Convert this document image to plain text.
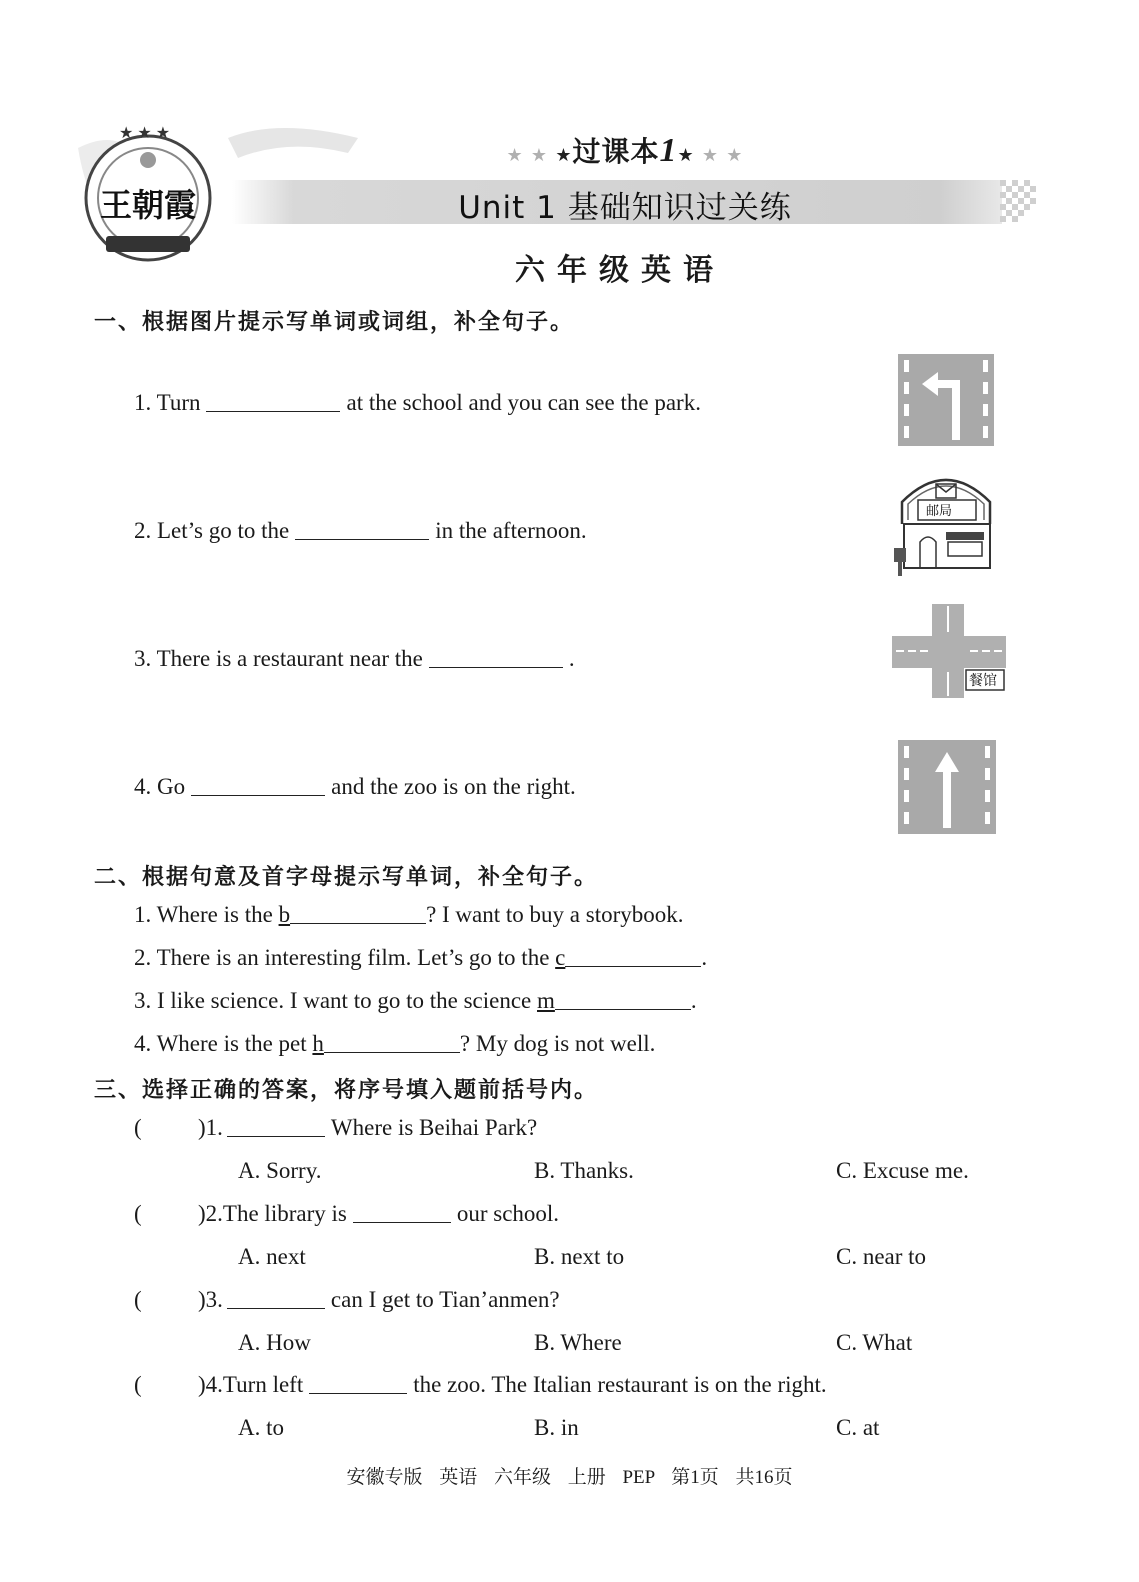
★ ★ ★
王朝霞
★ ★ ★过课本1★ ★ ★
Unit 1 基础知识过关练
六年级英语
一、根据图片提示写单词或词组，补全句子。
1. Turn	at the school and you can see the park.
2. Let’s go to the	in the afternoon.
3. There is a restaurant near the	.
4. Go	and the zoo is on the right.
邮局
餐馆
二、根据句意及首字母提示写单词，补全句子。
1. Where is the b	? I want to buy a storybook.
2. There is an interesting film. Let’s go to the c	.
3. I like science. I want to go to the science m	.
4. Where is the pet h	? My dog is not well.
三、选择正确的答案，将序号填入题前括号内。
( )1.	Where is Beihai Park?
A. Sorry.	B. Thanks.	C. Excuse me.
( )2.The library is	our school.
A. next	B. next to	C. near to
( )3.	can I get to Tian’anmen?
A. How	B. Where	C. What
( )4.Turn left	the zoo. The Italian restaurant is on the right.
A. to	B. in	C. at
安徽专版 英语 六年级 上册 PEP 第1页 共16页
